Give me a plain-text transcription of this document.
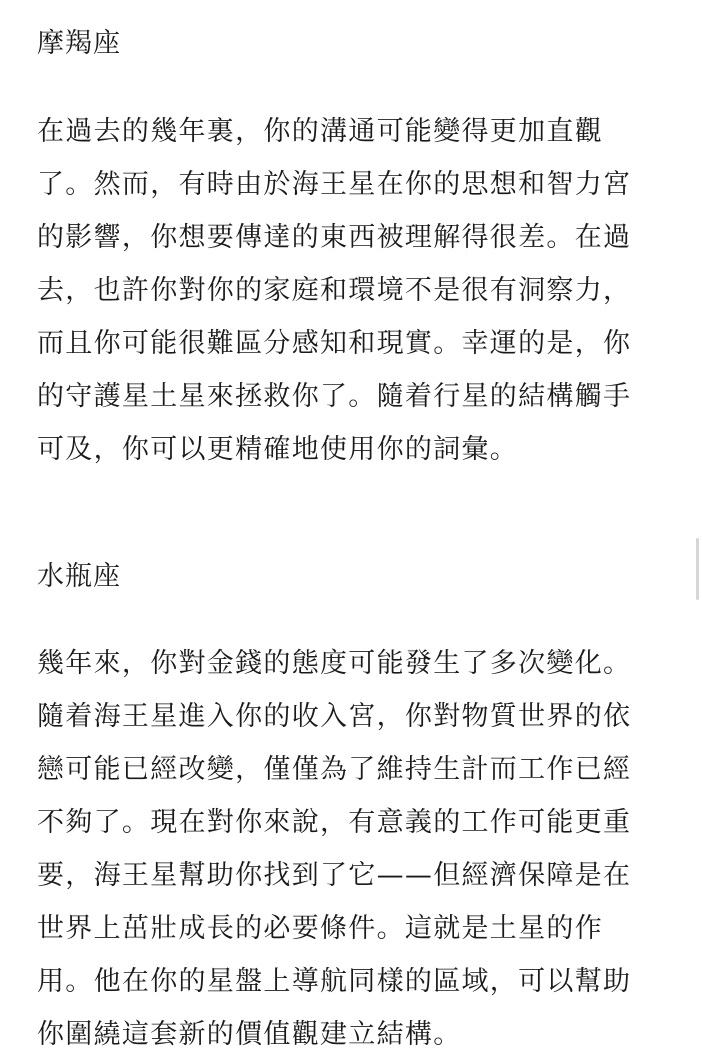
摩羯座

在過去的幾年裏，你的溝通可能變得更加直觀
了。然而，有時由於海王星在你的思想和智力宮
的影響，你想要傳達的東西被理解得很差。在過
去，也許你對你的家庭和環境不是很有洞察力，
而且你可能很難區分感知和現實。幸運的是，你
的守護星土星來拯救你了。隨着行星的結構觸手
可及，你可以更精確地使用你的詞彙。

水瓶座

幾年來，你對金錢的態度可能發生了多次變化。
隨着海王星進入你的收入宮，你對物質世界的依
戀可能已經改變，僅僅為了維持生計而工作已經
不夠了。現在對你來說，有意義的工作可能更重
要，海王星幫助你找到了它——但經濟保障是在
世界上茁壯成長的必要條件。這就是土星的作
用。他在你的星盤上導航同樣的區域，可以幫助
你圍繞這套新的價值觀建立結構。
